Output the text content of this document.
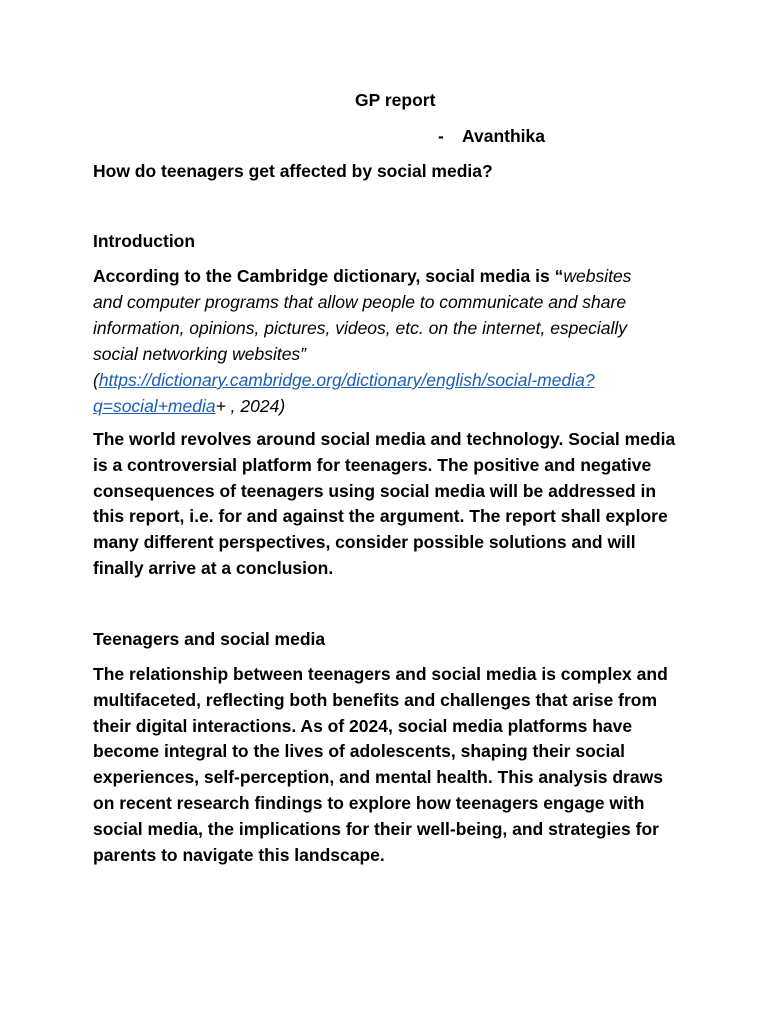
GP report
- Avanthika
How do teenagers get affected by social media?
Introduction
According to the Cambridge dictionary, social media is “websites
and computer programs that allow people to communicate and share
information, opinions, pictures, videos, etc. on the internet, especially
social networking websites”
(https://dictionary.cambridge.org/dictionary/english/social-media?
q=social+media+ , 2024)
The world revolves around social media and technology. Social media is a controversial platform for teenagers. The positive and negative consequences of teenagers using social media will be addressed in this report, i.e. for and against the argument. The report shall explore many different perspectives, consider possible solutions and will finally arrive at a conclusion.
Teenagers and social media
The relationship between teenagers and social media is complex and multifaceted, reflecting both benefits and challenges that arise from their digital interactions. As of 2024, social media platforms have become integral to the lives of adolescents, shaping their social experiences, self-perception, and mental health. This analysis draws on recent research findings to explore how teenagers engage with social media, the implications for their well-being, and strategies for parents to navigate this landscape.
